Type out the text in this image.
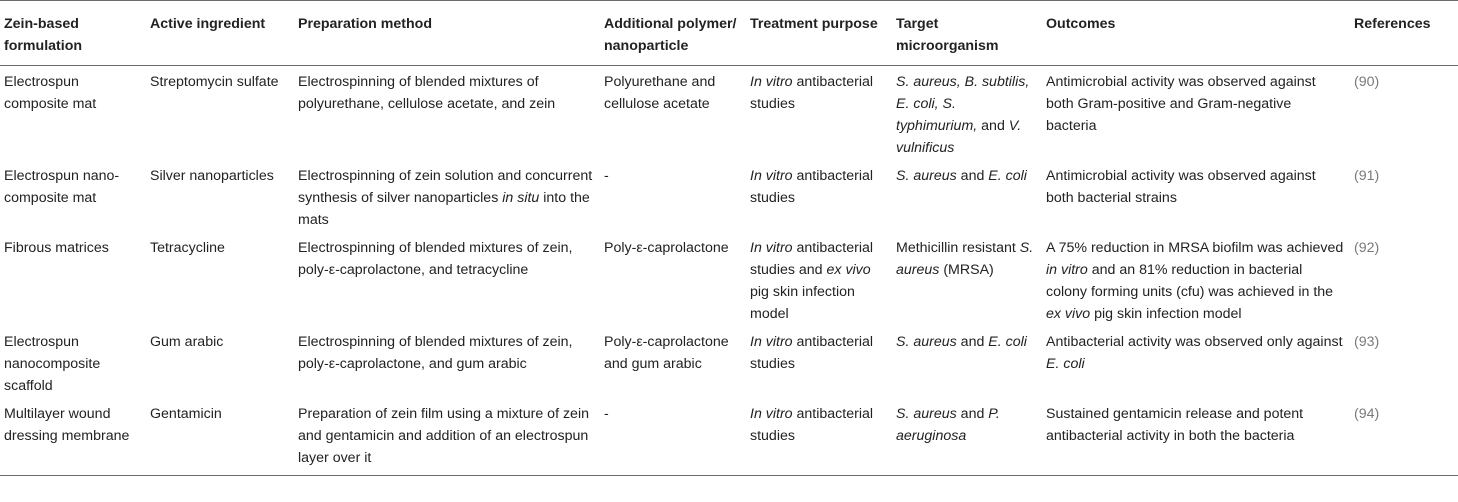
Zein-based formulation	Active ingredient	Preparation method	Additional polymer/ nanoparticle	Treatment purpose	Target microorganism	Outcomes	References
Electrospun composite mat	Streptomycin sulfate	Electrospinning of blended mixtures of polyurethane, cellulose acetate, and zein	Polyurethane and cellulose acetate	In vitro antibacterial studies	S. aureus, B. subtilis, E. coli, S. typhimurium, and V. vulnificus	Antimicrobial activity was observed against both Gram-positive and Gram-negative bacteria	(90)
Electrospun nano-composite mat	Silver nanoparticles	Electrospinning of zein solution and concurrent synthesis of silver nanoparticles in situ into the mats	-	In vitro antibacterial studies	S. aureus and E. coli	Antimicrobial activity was observed against both bacterial strains	(91)
Fibrous matrices	Tetracycline	Electrospinning of blended mixtures of zein, poly-ε-caprolactone, and tetracycline	Poly-ε-caprolactone	In vitro antibacterial studies and ex vivo pig skin infection model	Methicillin resistant S. aureus (MRSA)	A 75% reduction in MRSA biofilm was achieved in vitro and an 81% reduction in bacterial colony forming units (cfu) was achieved in the ex vivo pig skin infection model	(92)
Electrospun nanocomposite scaffold	Gum arabic	Electrospinning of blended mixtures of zein, poly-ε-caprolactone, and gum arabic	Poly-ε-caprolactone and gum arabic	In vitro antibacterial studies	S. aureus and E. coli	Antibacterial activity was observed only against E. coli	(93)
Multilayer wound dressing membrane	Gentamicin	Preparation of zein film using a mixture of zein and gentamicin and addition of an electrospun layer over it	-	In vitro antibacterial studies	S. aureus and P. aeruginosa	Sustained gentamicin release and potent antibacterial activity in both the bacteria	(94)
